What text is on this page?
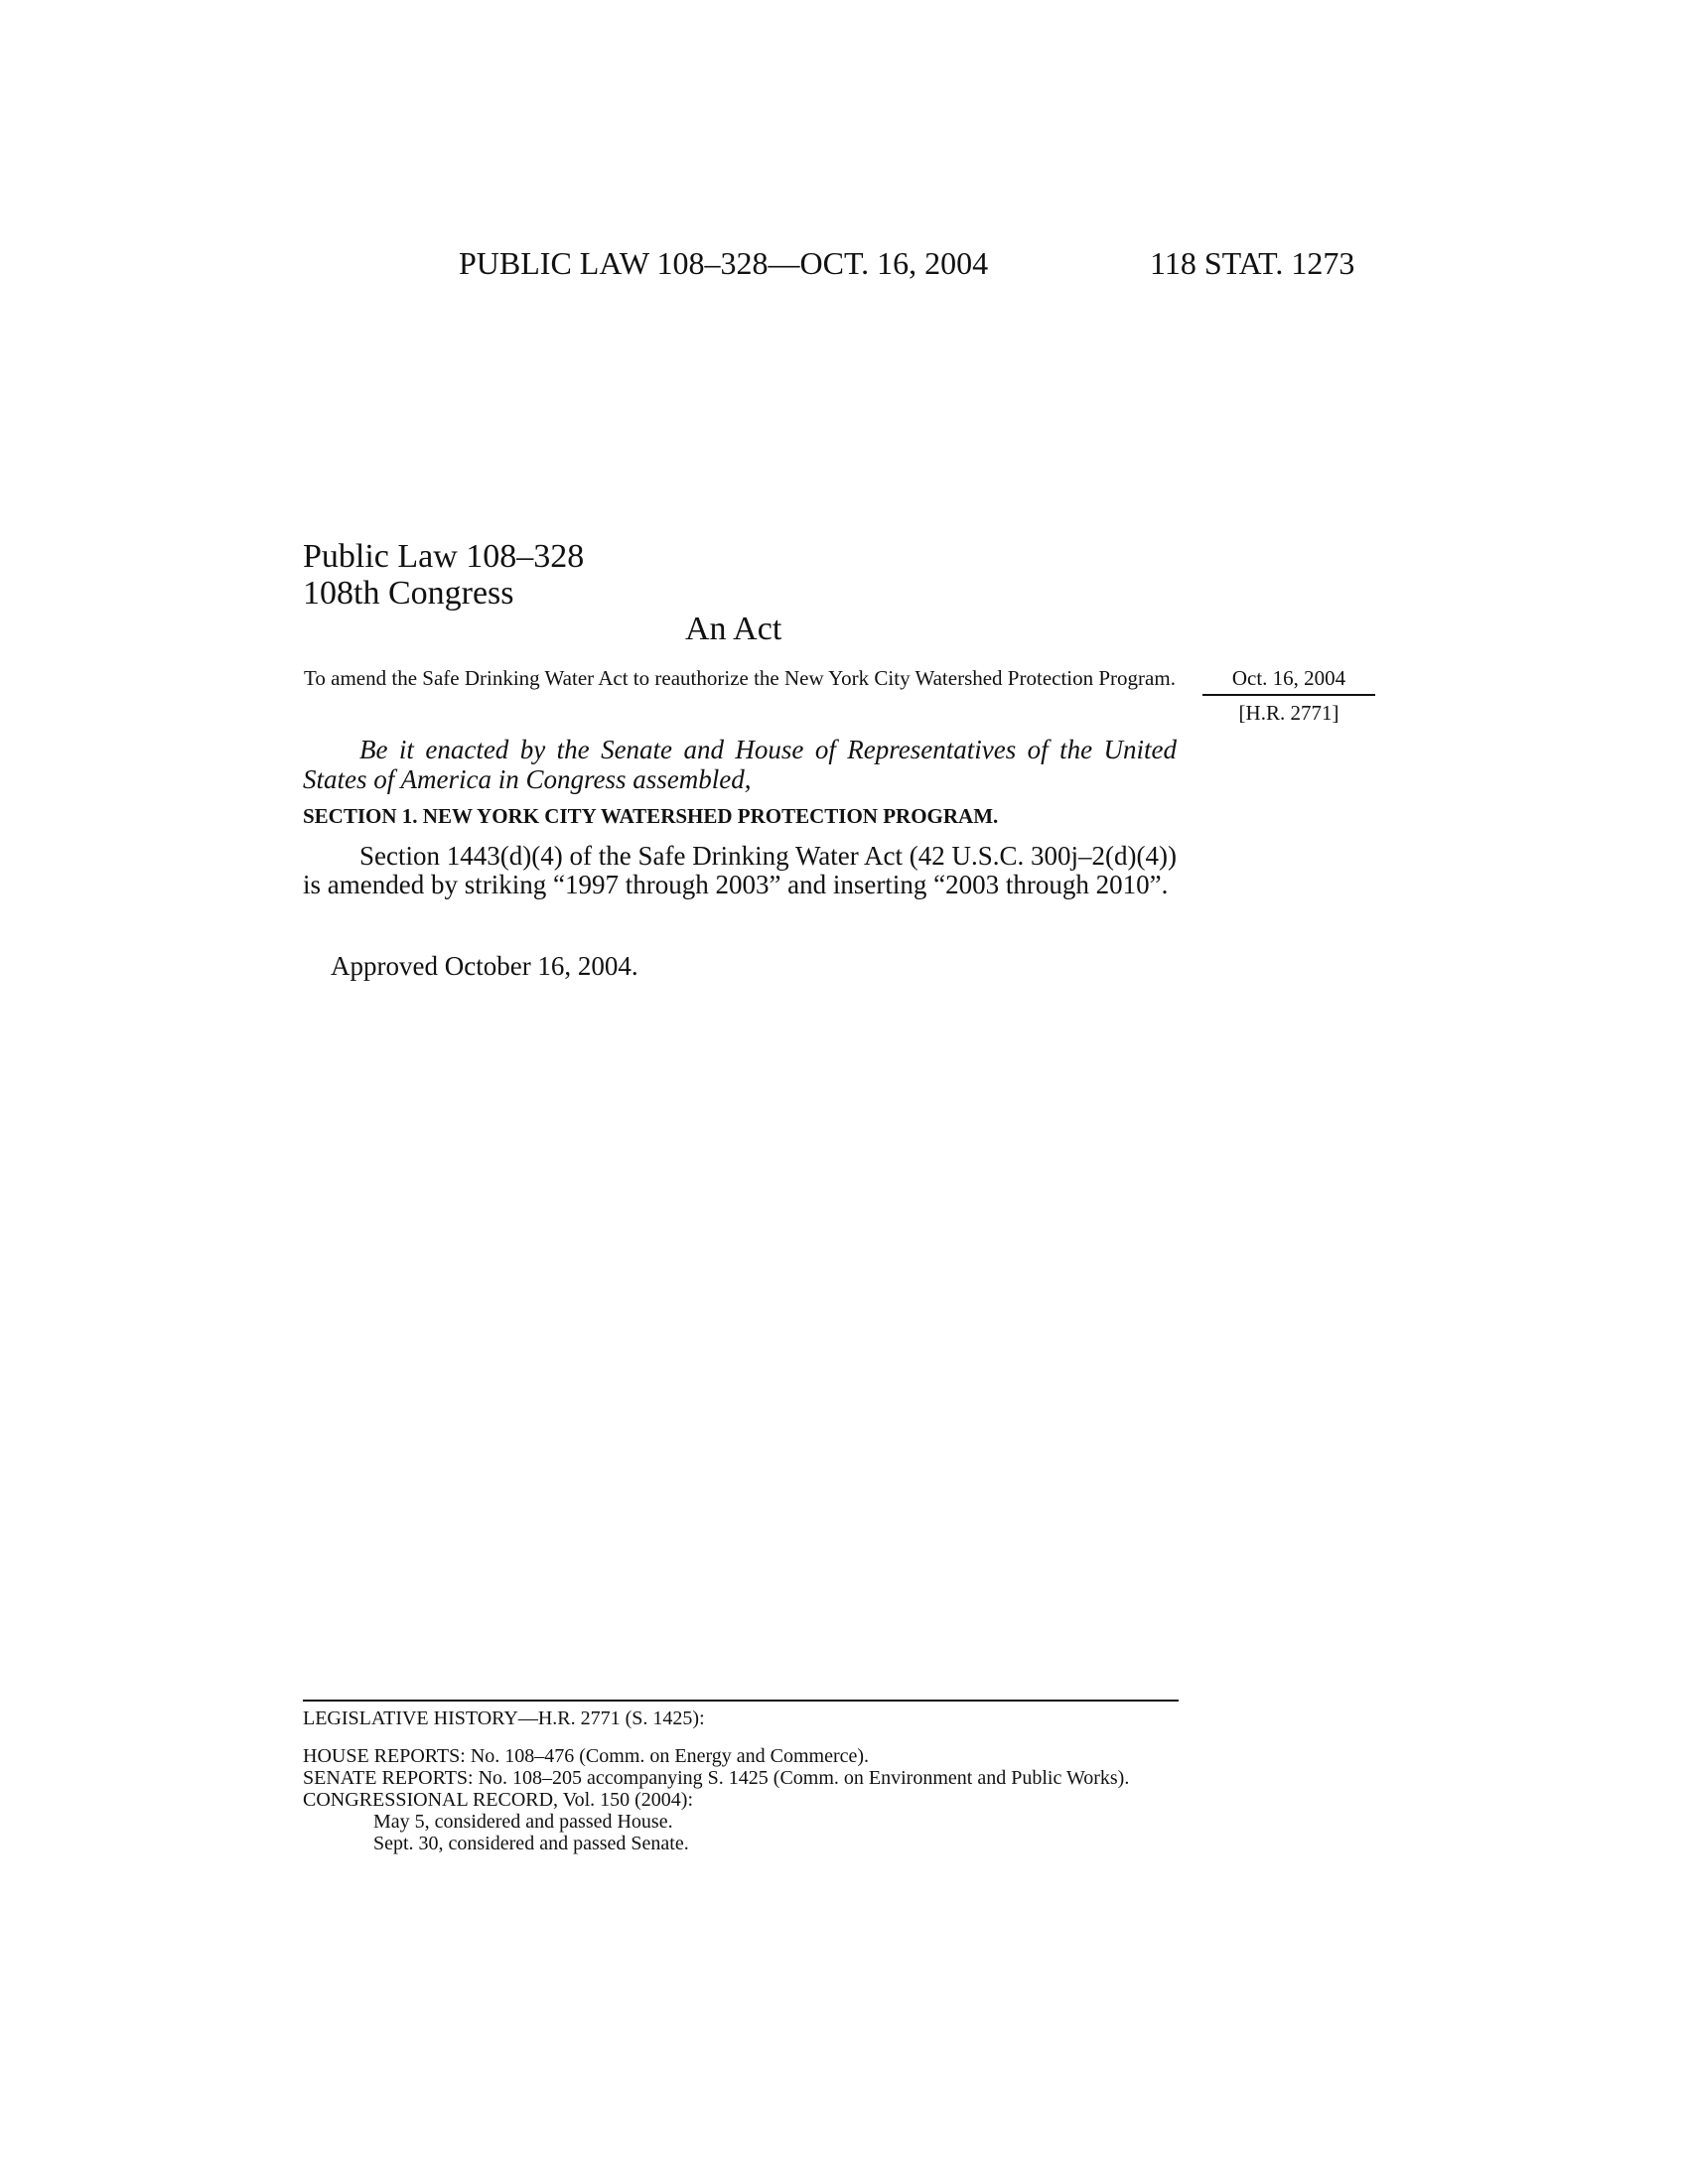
PUBLIC LAW 108–328—OCT. 16, 2004	118 STAT. 1273
Public Law 108–328
108th Congress
An Act
To amend the Safe Drinking Water Act to reauthorize the New York City Watershed Protection Program.	Oct. 16, 2004
[H.R. 2771]

Be it enacted by the Senate and House of Representatives of the United States of America in Congress assembled,

SECTION 1. NEW YORK CITY WATERSHED PROTECTION PROGRAM.

Section 1443(d)(4) of the Safe Drinking Water Act (42 U.S.C. 300j–2(d)(4)) is amended by striking “1997 through 2003” and inserting “2003 through 2010”.

Approved October 16, 2004.
LEGISLATIVE HISTORY—H.R. 2771 (S. 1425):
HOUSE REPORTS: No. 108–476 (Comm. on Energy and Commerce).
SENATE REPORTS: No. 108–205 accompanying S. 1425 (Comm. on Environment and Public Works).
CONGRESSIONAL RECORD, Vol. 150 (2004):
May 5, considered and passed House.
Sept. 30, considered and passed Senate.
